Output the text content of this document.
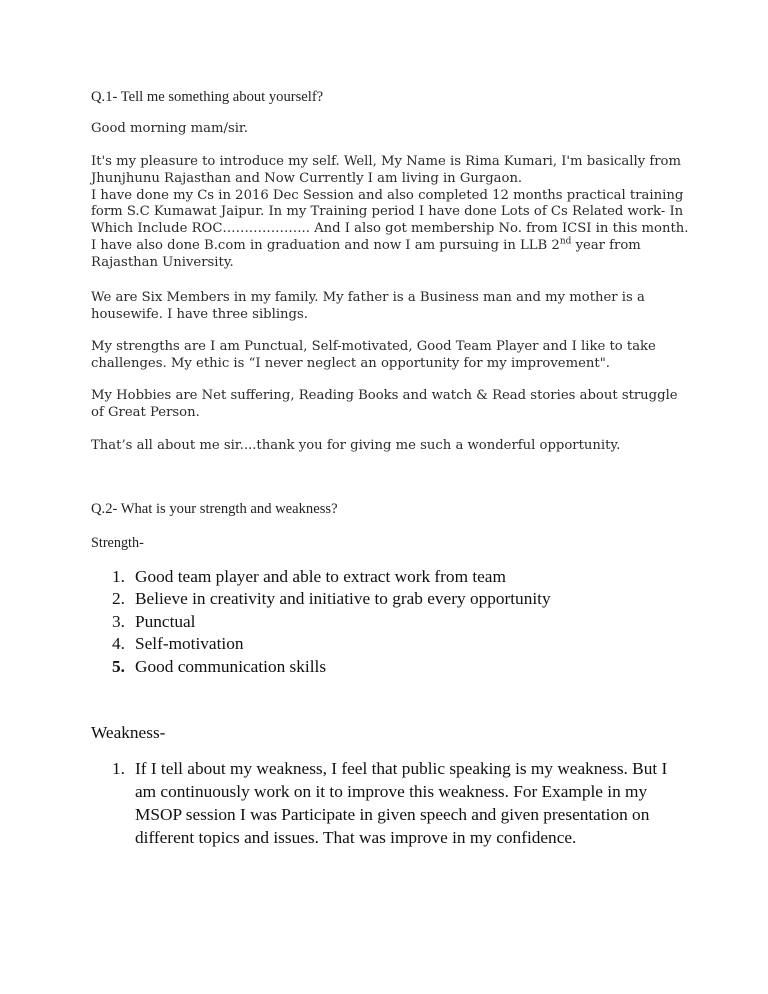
Q.1- Tell me something about yourself?

Good morning mam/sir.

It's my pleasure to introduce my self. Well, My Name is Rima Kumari, I'm basically from Jhunjhunu Rajasthan and Now Currently I am living in Gurgaon.
I have done my Cs in 2016 Dec Session and also completed 12 months practical training form S.C Kumawat Jaipur. In my Training period I have done Lots of Cs Related work- In Which Include ROC……………….. And I also got membership No. from ICSI in this month. I have also done B.com in graduation and now I am pursuing in LLB 2nd year from Rajasthan University.

We are Six Members in my family. My father is a Business man and my mother is a housewife. I have three siblings.

My strengths are I am Punctual, Self-motivated, Good Team Player and I like to take challenges. My ethic is “I never neglect an opportunity for my improvement".

My Hobbies are Net suffering, Reading Books and watch & Read stories about struggle of Great Person.

That’s all about me sir....thank you for giving me such a wonderful opportunity.

Q.2- What is your strength and weakness?
Strength-
1. Good team player and able to extract work from team
2. Believe in creativity and initiative to grab every opportunity
3. Punctual
4. Self-motivation
5. Good communication skills
Weakness-
1. If I tell about my weakness, I feel that public speaking is my weakness. But I am continuously work on it to improve this weakness. For Example in my MSOP session I was Participate in given speech and given presentation on different topics and issues. That was improve in my confidence.
